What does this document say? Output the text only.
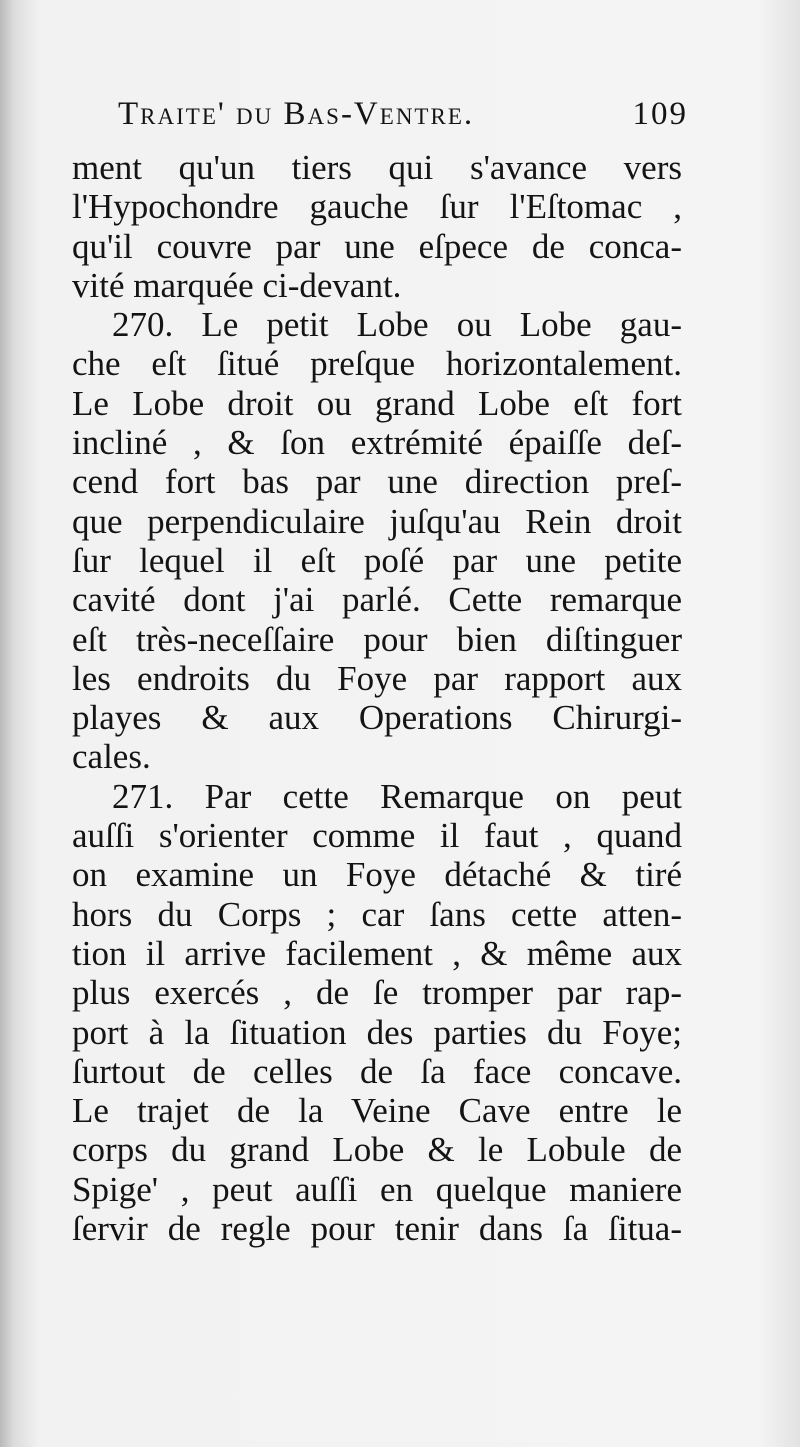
Traite' du Bas-Ventre.	109
ment qu'un tiers qui s'avance vers
l'Hypochondre gauche ſur l'Eſtomac ,
qu'il couvre par une eſpece de conca-
vité marquée ci-devant.
270. Le petit Lobe ou Lobe gau-
che eſt ſitué preſque horizontalement.
Le Lobe droit ou grand Lobe eſt fort
incliné , & ſon extrémité épaiſſe deſ-
cend fort bas par une direction preſ-
que perpendiculaire juſqu'au Rein droit
ſur lequel il eſt poſé par une petite
cavité dont j'ai parlé. Cette remarque
eſt très-neceſſaire pour bien diſtinguer
les endroits du Foye par rapport aux
playes & aux Operations Chirurgi-
cales.
271. Par cette Remarque on peut
auſſi s'orienter comme il faut , quand
on examine un Foye détaché & tiré
hors du Corps ; car ſans cette atten-
tion il arrive facilement , & même aux
plus exercés , de ſe tromper par rap-
port à la ſituation des parties du Foye;
ſurtout de celles de ſa face concave.
Le trajet de la Veine Cave entre le
corps du grand Lobe & le Lobule de
Spige' , peut auſſi en quelque maniere
ſervir de regle pour tenir dans ſa ſitua-
